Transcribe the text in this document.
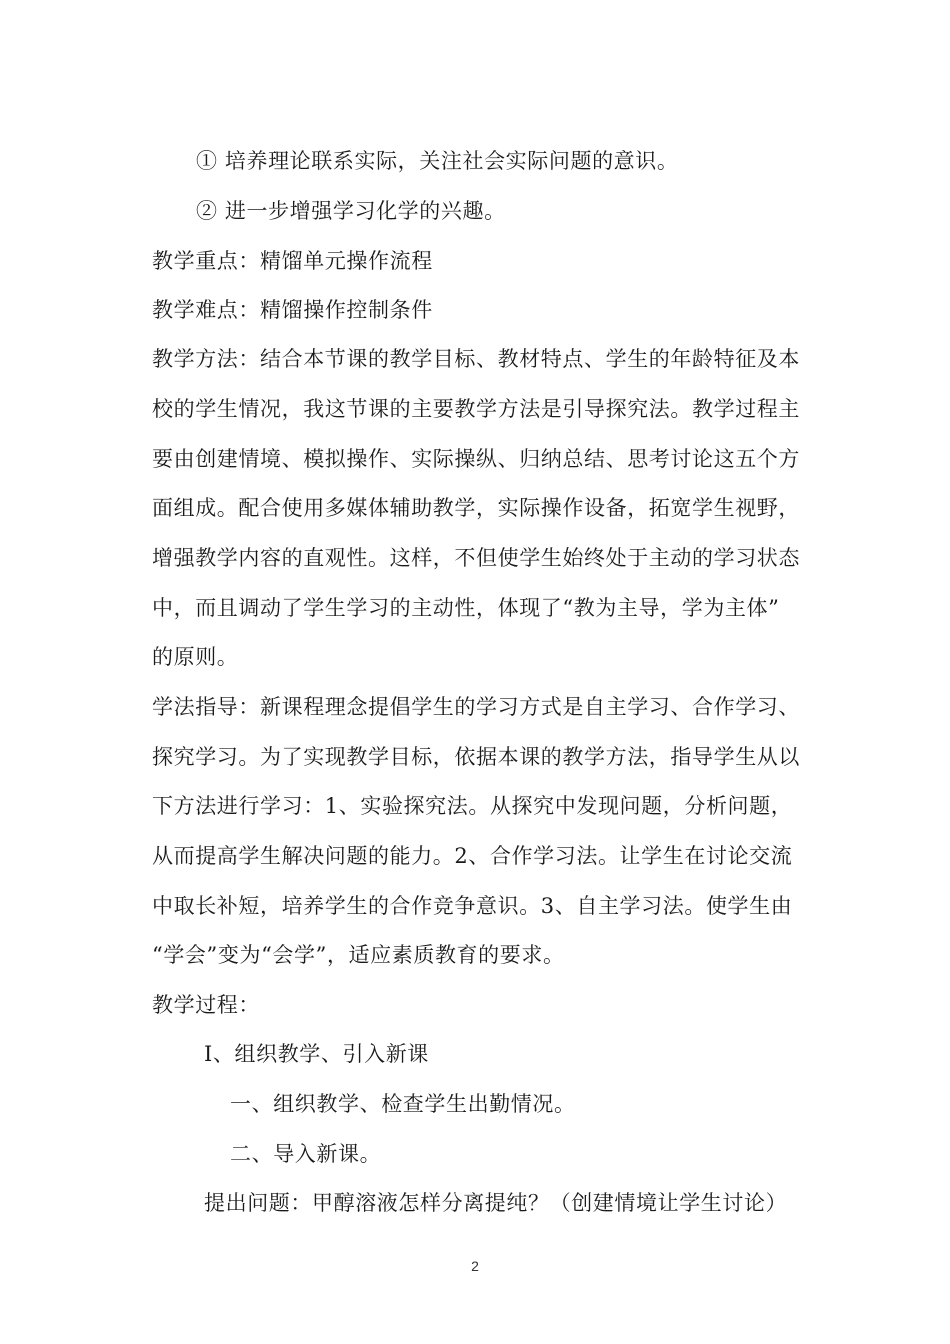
① 培养理论联系实际，关注社会实际问题的意识。
② 进一步增强学习化学的兴趣。
教学重点：精馏单元操作流程
教学难点：精馏操作控制条件
教学方法：结合本节课的教学目标、教材特点、学生的年龄特征及本
校的学生情况，我这节课的主要教学方法是引导探究法。教学过程主
要由创建情境、模拟操作、实际操纵、归纳总结、思考讨论这五个方
面组成。配合使用多媒体辅助教学，实际操作设备，拓宽学生视野，
增强教学内容的直观性。这样，不但使学生始终处于主动的学习状态
中，而且调动了学生学习的主动性，体现了“教为主导，学为主体”
的原则。
学法指导：新课程理念提倡学生的学习方式是自主学习、合作学习、
探究学习。为了实现教学目标，依据本课的教学方法，指导学生从以
下方法进行学习：1、实验探究法。从探究中发现问题，分析问题，
从而提高学生解决问题的能力。2、合作学习法。让学生在讨论交流
中取长补短，培养学生的合作竞争意识。3、自主学习法。使学生由
“学会”变为“会学”，适应素质教育的要求。
教学过程：
Ⅰ、组织教学、引入新课
一、组织教学、检查学生出勤情况。
二、导入新课。
提出问题：甲醇溶液怎样分离提纯？（创建情境让学生讨论）
2
